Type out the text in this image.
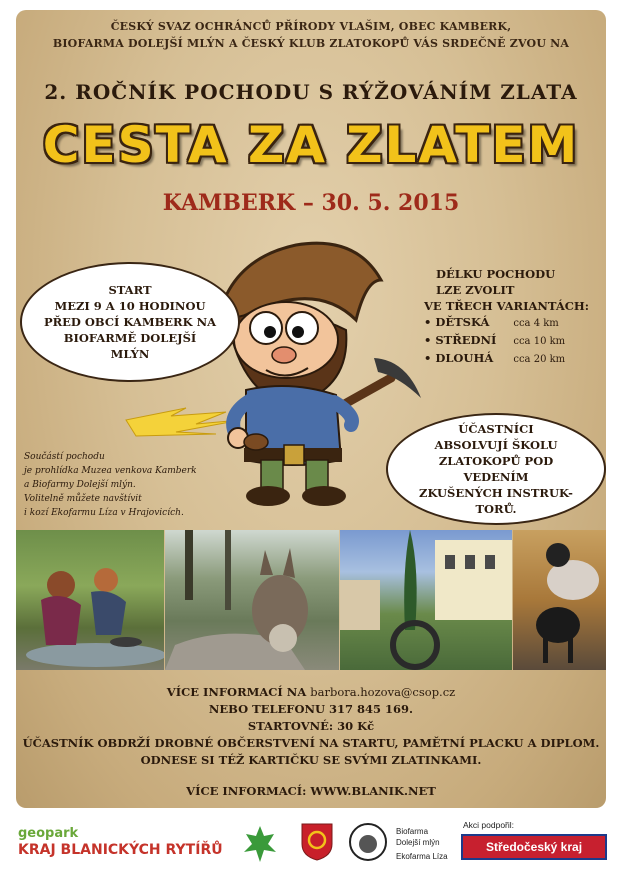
ČESKÝ SVAZ OCHRÁNCŮ PŘÍRODY VLAŠIM, OBEC KAMBERK,
BIOFARMA DOLEJŠÍ MLÝN A ČESKÝ KLUB ZLATOKOPŮ VÁS SRDEČNĚ ZVOU NA
2. ROČNÍK POCHODU S RÝŽOVÁNÍM ZLATA
CESTA ZA ZLATEM
KAMBERK – 30. 5. 2015
START
MEZI 9 A 10 HODINOU
PŘED OBCÍ KAMBERK NA
BIOFARMĚ DOLEJŠÍ
MLÝN
DÉLKU POCHODU
LZE ZVOLIT
VE TŘECH VARIANTÁCH:
• DĚTSKÁ	cca 4 km
• STŘEDNÍ	cca 10 km
• DLOUHÁ	cca 20 km
ÚČASTNÍCI
ABSOLVUJÍ ŠKOLU
ZLATOKOPŮ POD VEDENÍM
ZKUŠENÝCH INSTRUK-
TORŮ.
Součástí pochodu
je prohlídka Muzea venkova Kamberk
a Biofarmy Dolejší mlýn.
Volitelně můžete navštívit
i kozí Ekofarmu Líza v Hrajovicích.
VÍCE INFORMACÍ NA barbora.hozova@csop.cz
NEBO TELEFONU 317 845 169.
STARTOVNÉ: 30 Kč
ÚČASTNÍK OBDRŽÍ DROBNÉ OBČERSTVENÍ NA STARTU, PAMĚTNÍ PLACKU A DIPLOM.
ODNESE SI TÉŽ KARTIČKU SE SVÝMI ZLATINKAMI.
VÍCE INFORMACÍ: WWW.BLANIK.NET
geopark
KRAJ BLANICKÝCH RYTÍŘŮ
Biofarma
Dolejší mlýn
Ekofarma Líza
Akci podpořil:
Středočeský kraj
